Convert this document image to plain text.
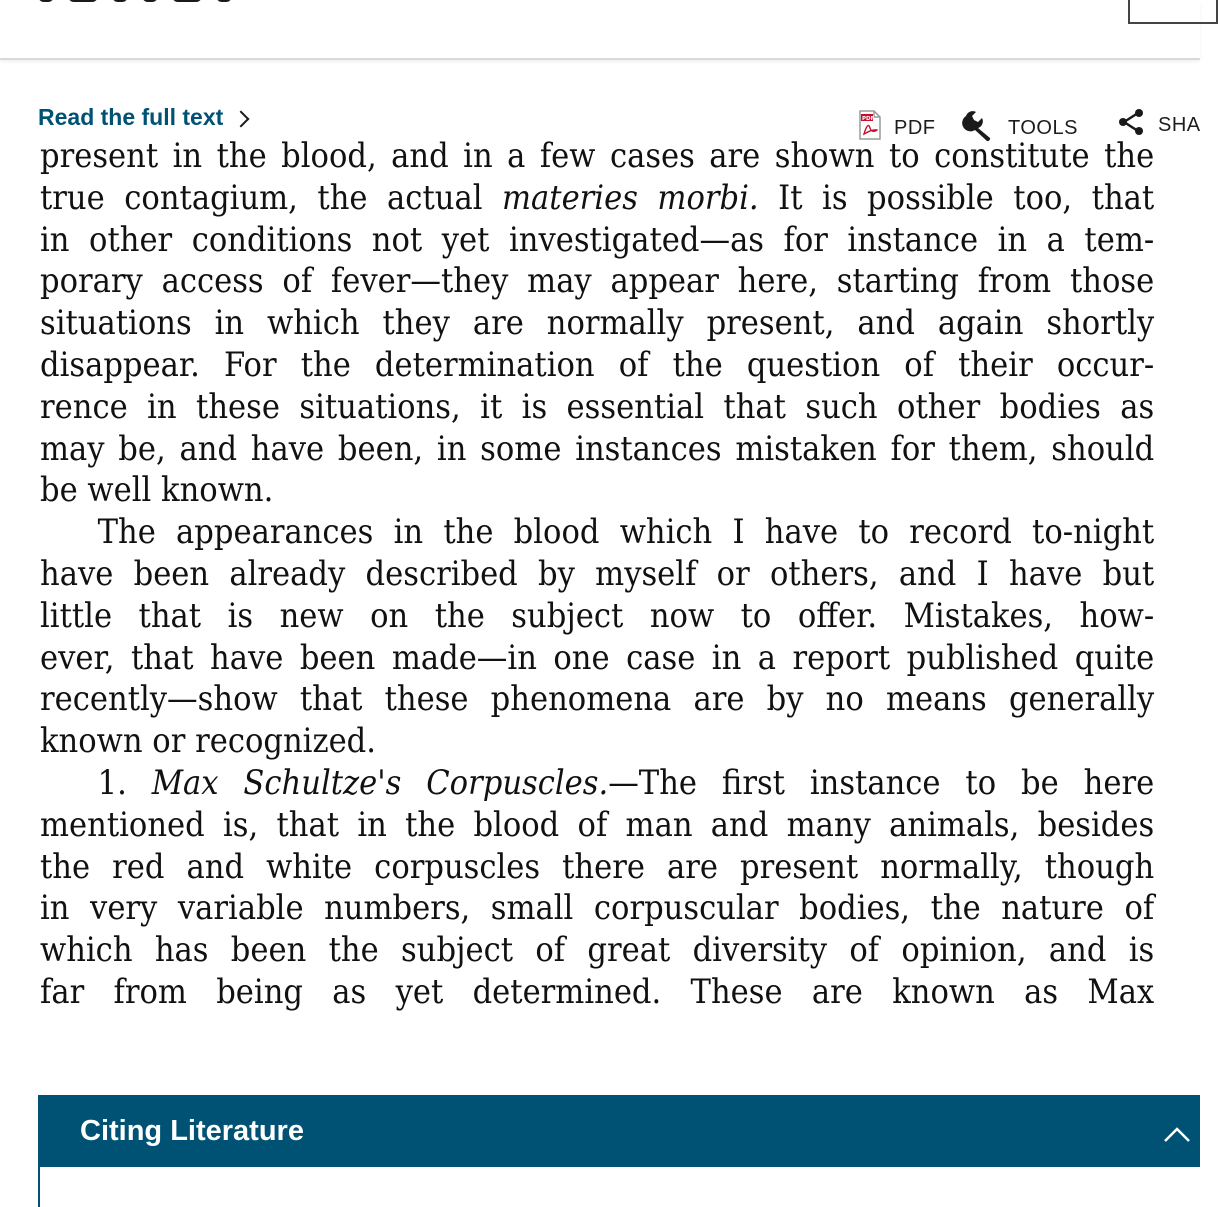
Read the full text	PDF PDF	TOOLS	SHA
present in the blood, and in a few cases are shown to constitute the
true contagium, the actual materies morbi. It is possible too, that
in other conditions not yet investigated—as for instance in a tem-
porary access of fever—they may appear here, starting from those
situations in which they are normally present, and again shortly
disappear. For the determination of the question of their occur-
rence in these situations, it is essential that such other bodies as
may be, and have been, in some instances mistaken for them, should
be well known.
The appearances in the blood which I have to record to-night
have been already described by myself or others, and I have but
little that is new on the subject now to offer. Mistakes, how-
ever, that have been made—in one case in a report published quite
recently—show that these phenomena are by no means generally
known or recognized.
1. Max Schultze's Corpuscles.—The first instance to be here
mentioned is, that in the blood of man and many animals, besides
the red and white corpuscles there are present normally, though
in very variable numbers, small corpuscular bodies, the nature of
which has been the subject of great diversity of opinion, and is
far from being as yet determined. These are known as Max
Citing Literature
